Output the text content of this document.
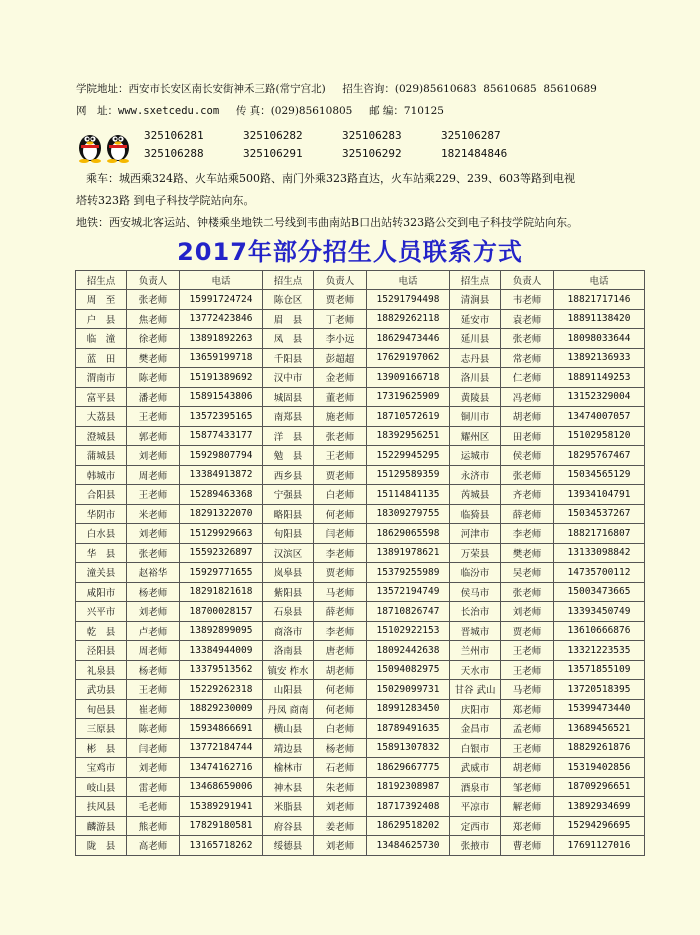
学院地址：西安市长安区南长安街神禾三路(常宁宫北) 招生咨询：(029)85610683  85610685  85610689
网　址：www.sxetcedu.com 传 真：(029)85610805 邮 编：710125
325106281	325106282	325106283	325106287
325106288	325106291	325106292	1821484846

乘车：城西乘324路、火车站乘500路、南门外乘323路直达，火车站乘229、239、603等路到电视

塔转323路 到电子科技学院站向东。

地铁：西安城北客运站、钟楼乘坐地铁二号线到韦曲南站B口出站转323路公交到电子科技学院站向东。

2017年部分招生人员联系方式
招生点	负责人	电话	招生点	负责人	电话	招生点	负责人	电话
周　至	张老师	15991724724	陈仓区	贾老师	15291794498	清涧县	韦老师	18821717146
户　县	焦老师	13772423846	眉　县	丁老师	18829262118	延安市	袁老师	18891138420
临　潼	徐老师	13891892263	凤　县	李小远	18629473446	延川县	张老师	18098033644
蓝　田	樊老师	13659199718	千阳县	彭超超	17629197062	志丹县	常老师	13892136933
渭南市	陈老师	15191389692	汉中市	金老师	13909166718	洛川县	仁老师	18891149253
富平县	潘老师	15891543806	城固县	董老师	17319625909	黄陵县	冯老师	13152329004
大荔县	王老师	13572395165	南郑县	施老师	18710572619	铜川市	胡老师	13474007057
澄城县	郭老师	15877433177	洋　县	张老师	18392956251	耀州区	田老师	15102958120
蒲城县	刘老师	15929807794	勉　县	王老师	15229945295	运城市	侯老师	18295767467
韩城市	周老师	13384913872	西乡县	贾老师	15129589359	永济市	张老师	15034565129
合阳县	王老师	15289463368	宁强县	白老师	15114841135	芮城县	齐老师	13934104791
华阴市	米老师	18291322070	略阳县	何老师	18309279755	临猗县	薛老师	15034537267
白水县	刘老师	15129929663	旬阳县	闫老师	18629065598	河津市	李老师	18821716807
华　县	张老师	15592326897	汉滨区	李老师	13891978621	万荣县	樊老师	13133098842
潼关县	赵裕华	15929771655	岚皋县	贾老师	15379255989	临汾市	吴老师	14735700112
咸阳市	杨老师	18291821618	紫阳县	马老师	13572194749	侯马市	张老师	15003473665
兴平市	刘老师	18700028157	石泉县	薛老师	18710826747	长治市	刘老师	13393450749
乾　县	卢老师	13892899095	商洛市	李老师	15102922153	晋城市	贾老师	13610666876
泾阳县	周老师	13384944009	洛南县	唐老师	18092442638	兰州市	王老师	13321223535
礼泉县	杨老师	13379513562	镇安 柞水	胡老师	15094082975	天水市	王老师	13571855109
武功县	王老师	15229262318	山阳县	何老师	15029099731	甘谷 武山	马老师	13720518395
旬邑县	崔老师	18829230009	丹凤 商南	何老师	18991283450	庆阳市	郑老师	15399473440
三原县	陈老师	15934866691	横山县	白老师	18789491635	金昌市	孟老师	13689456521
彬　县	闫老师	13772184744	靖边县	杨老师	15891307832	白银市	王老师	18829261876
宝鸡市	刘老师	13474162716	榆林市	石老师	18629667775	武威市	胡老师	15319402856
岐山县	雷老师	13468659006	神木县	朱老师	18192308987	酒泉市	邹老师	18709296651
扶风县	毛老师	15389291941	米脂县	刘老师	18717392408	平凉市	解老师	13892934699
麟游县	熊老师	17829180581	府谷县	姜老师	18629518202	定西市	郑老师	15294296695
陇　县	高老师	13165718262	绥德县	刘老师	13484625730	张掖市	曹老师	17691127016
